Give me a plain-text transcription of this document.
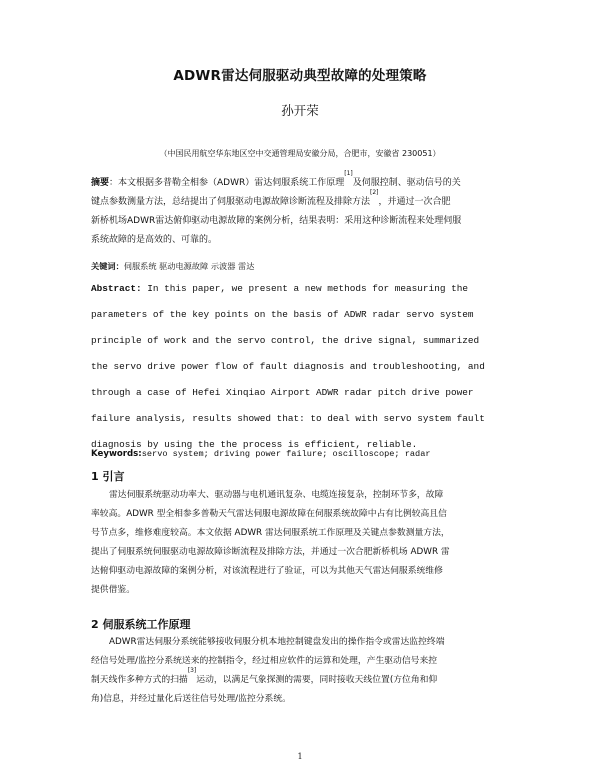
ADWR雷达伺服驱动典型故障的处理策略
孙开荣
（中国民用航空华东地区空中交通管理局安徽分局，合肥市，安徽省 230051）
摘要：本文根据多普勒全相参（ADWR）雷达伺服系统工作原理[1]及伺服控制、驱动信号的关
键点参数测量方法，总结提出了伺服驱动电源故障诊断流程及排除方法[2]，并通过一次合肥
新桥机场ADWR雷达俯仰驱动电源故障的案例分析，结果表明：采用这种诊断流程来处理伺服
系统故障的是高效的、可靠的。
关键词：伺服系统 驱动电源故障 示波器 雷达
Abstract: In this paper, we present a new methods for measuring the
parameters of the key points on the basis of ADWR radar servo system
principle of work and the servo control, the drive signal, summarized
the servo drive power flow of fault diagnosis and troubleshooting, and
through a case of Hefei Xinqiao Airport ADWR radar pitch drive power
failure analysis, results showed that: to deal with servo system fault
diagnosis by using the the process is efficient, reliable.
Keywords:servo system; driving power failure; oscilloscope; radar
1 引言
雷达伺服系统驱动功率大、驱动器与电机通讯复杂、电缆连接复杂，控制环节多，故障
率较高。ADWR 型全相参多普勒天气雷达伺服电源故障在伺服系统故障中占有比例较高且信
号节点多，维修难度较高。本文依据 ADWR 雷达伺服系统工作原理及关键点参数测量方法，
提出了伺服系统伺服驱动电源故障诊断流程及排除方法，并通过一次合肥新桥机场 ADWR 雷
达俯仰驱动电源故障的案例分析，对该流程进行了验证，可以为其他天气雷达伺服系统维修
提供借鉴。
2 伺服系统工作原理
ADWR雷达伺服分系统能够接收伺服分机本地控制键盘发出的操作指令或雷达监控终端
经信号处理/监控分系统送来的控制指令，经过相应软件的运算和处理，产生驱动信号来控
制天线作多种方式的扫描[3]运动，以满足气象探测的需要，同时接收天线位置(方位角和仰
角)信息，并经过量化后送往信号处理/监控分系统。
1
